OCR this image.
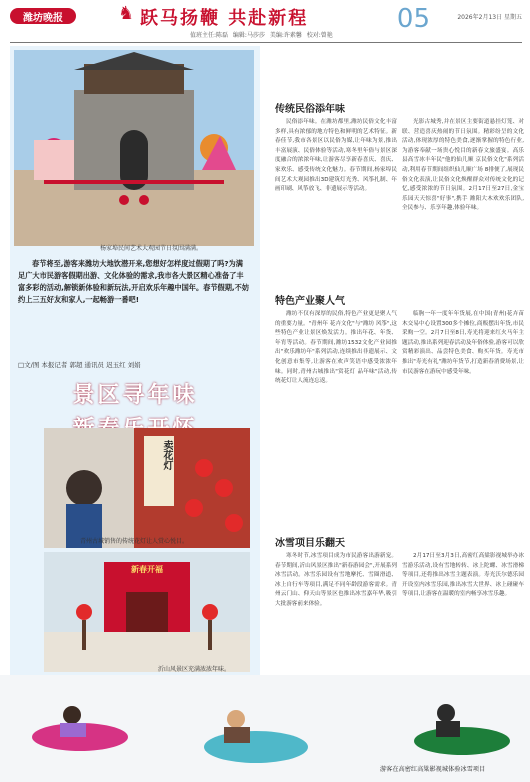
潍坊晚报	♞ 跃马扬鞭 共赴新程	05	2026年2月13日 星期五
值班主任:陈磊 编辑:马莎莎 美编:许素馨 校对:曾艳
杨家埠民间艺术大观园节日氛围满满。
春节将至,游客来潍坊大地饮潜开来,您想好怎样度过假期了吗?为满足广大市民游客假期出游、文化体验的需求,我市各大景区精心准备了丰富多彩的活动,解锁新体验和新玩法,开启欢乐年趣中国年。春节假期,不妨约上三五好友和家人,一起畅游一番吧!
□文/图 本报记者 郭超 通讯员 迟玉红 刘娟
景区寻年味
卖花灯
青州古城销售的传统花灯让人赏心悦目。
新春开福
沂山风景区充满浓浓年味。
传统民俗添年味

民俗添年味。在潍坊都里,潍坊民俗文化丰富多样,具有浓郁的地方特色和鲜明的艺术特征。新春佳节,我市各景区以民俗为媒,让年味为景,推出丰富展演、民俗体验等活动,寒冬里年俗与景区深度融合的浓浓年味,让游客尽享新春喜庆、喜庆、家欢乐、感受传统文化魅力。春节期间,杨家埠民间艺术大观园推出3D建筑灯光秀、风筝扎制、年画印刷、风筝放飞、非遗展示等活动。

光影古城秀,并在景区主要街道悬挂灯笼、对联、营造喜庆热闹的节日氛围。精彩纷呈的文化活动,体现浓厚的特色美食,逐渐掌握的特色行业,为游客奉献一场贵心悦目的新春文旅盛宴。高乐县高雪冰丰年民"他的仙儿顺 京民俗文化"系列活动,利用春节期间组织仙儿顺广场 8排便了,展现民俗文化表演,让民俗文化焕醒群众对传统文化的记忆,感受浓浓的节日氛围。2月17日至27日,金宝乐园天天惊喜"好事",携手 潍阳大木欢欢乐团队,全民参与、乐享年趣,体验年味。

特色产业聚人气

潍坊不仅有深厚的民俗,特色产业更是聚人气的重要力量。"青州年 花卉文化"与"潍坊 风筝",这些特色产业让景区焕发活力。推出年花、年货、年宵等活动。春节期间,潍坊1532文化产业园推出"欢乐潍坊年"系列活动,连续推出非遗展示、文化创意市集等,让游客在欢声笑语中感受浓浓年味。同时,青州古城推出"赏花灯 品年味"活动,传统花灯让人流连忘返。

临朐一年一度年年货展,在中国(青州)花卉苗木交易中心设置300多个摊位,商贩摆出年货,市民采购一空。2月7日至8日,寿光将迎来红火马年主题活动,推出系列迎春活动及年俗体验,游客可以欣赏精彩演出、品尝特色美食、购买年货。寿光市推出"寿光有礼"潍坊年货节,打造新春消费场景,让市民游客在游玩中感受年味。

冰雪项目乐翻天

寒冬时节,冰雪项目成为市民游客出游新宠。春节期间,沂山风景区推出"新春游园会",开展系列冰雪活动。冰雪乐园设有雪地摩托、雪圈滑道、冰上自行车等项目,满足不同年龄段游客需求。青州云门山、仰天山等景区也推出冰雪嘉年华,吸引大批游客前来体验。

2月17日至3月3日,高密红高粱影视城举办冰雪游乐活动,设有雪地转转、冰上陀螺、冰雪滑梯等项目,还将推出冰雪主题表演。寿光沃尔德乐园开设室内冰雪乐园,推出冰雪大世界、冰上碰碰车等项目,让游客在温暖的室内畅享冰雪乐趣。

游客在高密红高粱影视城体验冰雪项目
